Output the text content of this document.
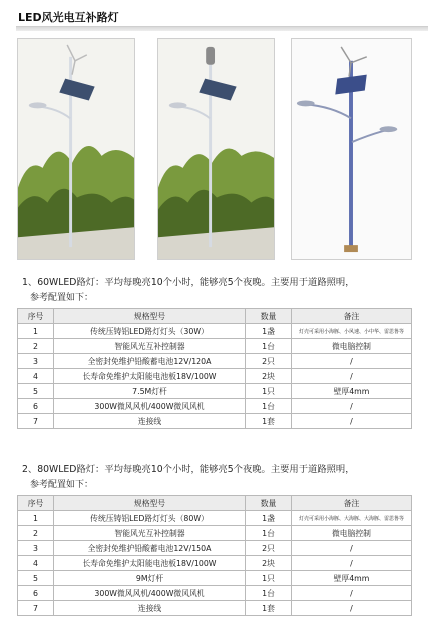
LED风光电互补路灯
1、60WLED路灯：平均每晚亮10个小时，能够亮5个夜晚。主要用于道路照明，
参考配置如下：
序号	规格型号	数量	备注
1	传统压铸铝LED路灯灯头（30W）	1盏	灯壳可采用小海豚、小风速、小中华、雷思鲁等
2	智能风光互补控制器	1台	微电脑控制
3	全密封免维护铅酸蓄电池12V/120A	2只	/
4	长寿命免维护太阳能电池板18V/100W	2块	/
5	7.5M灯杆	1只	壁厚4mm
6	300W微风风机/400W微风风机	1台	/
7	连接线	1套	/
2、80WLED路灯：平均每晚亮10个小时，能够亮5个夜晚。主要用于道路照明，
参考配置如下：
序号	规格型号	数量	备注
1	传统压铸铝LED路灯灯头（80W）	1盏	灯壳可采用小海豚、大海豚、大海豚、雷思鲁等
2	智能风光互补控制器	1台	微电脑控制
3	全密封免维护铅酸蓄电池12V/150A	2只	/
4	长寿命免维护太阳能电池板18V/100W	2块	/
5	9M灯杆	1只	壁厚4mm
6	300W微风风机/400W微风风机	1台	/
7	连接线	1套	/
